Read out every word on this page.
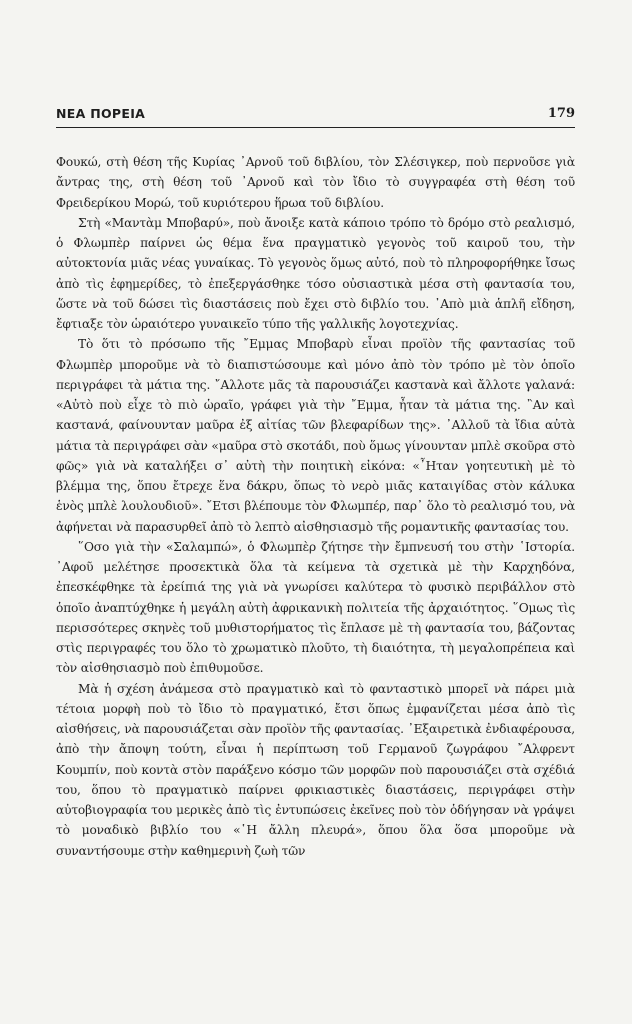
ΝΕΑ ΠΟΡΕΙΑ	179

Φουκώ, στὴ θέση τῆς Κυρίας ᾿Αρνοῦ τοῦ διβλίου, τὸν Σλέσιγκερ, ποὺ περνοῦσε γιὰ ἄντρας της, στὴ θέση τοῦ ᾿Αρνοῦ καὶ τὸν ἴδιο τὸ συγγραφέα στὴ θέση τοῦ Φρειδερίκου Μορώ, τοῦ κυριότερου ἥρωα τοῦ διβλίου.

Στὴ «Μαντὰμ Μποβαρύ», ποὺ ἄνοιξε κατὰ κάποιο τρόπο τὸ δρόμο στὸ ρεαλισμό, ὁ Φλωμπὲρ παίρνει ὡς θέμα ἕνα πραγματικὸ γεγονὸς τοῦ καιροῦ του, τὴν αὐτοκτονία μιᾶς νέας γυναίκας. Τὸ γεγονὸς ὅμως αὐτό, ποὺ τὸ πληροφορήθηκε ἴσως ἀπὸ τὶς ἐφημερίδες, τὸ ἐπεξεργάσθηκε τόσο οὐσιαστικὰ μέσα στὴ φαντασία του, ὥστε νὰ τοῦ δώσει τὶς διαστάσεις ποὺ ἔχει στὸ διβλίο του. ᾿Απὸ μιὰ ἁπλῆ εἴδηση, ἔφτιαξε τὸν ὡραιότερο γυναικεῖο τύπο τῆς γαλλικῆς λογοτεχνίας.

Τὸ ὅτι τὸ πρόσωπο τῆς ῎Εμμας Μποβαρὺ εἶναι προϊὸν τῆς φαντασίας τοῦ Φλωμπὲρ μποροῦμε νὰ τὸ διαπιστώσουμε καὶ μόνο ἀπὸ τὸν τρόπο μὲ τὸν ὁποῖο περιγράφει τὰ μάτια της. ῎Αλλοτε μᾶς τὰ παρουσιάζει καστανὰ καὶ ἄλλοτε γαλανά: «Αὐτὸ ποὺ εἶχε τὸ πιὸ ὡραῖο, γράφει γιὰ τὴν ῎Εμμα, ἦταν τὰ μάτια της. ῍Αν καὶ καστανά, φαίνουνταν μαῦρα ἐξ αἰτίας τῶν βλεφαρίδων της». ᾿Αλλοῦ τὰ ἴδια αὐτὰ μάτια τὰ περιγράφει σὰν «μαῦρα στὸ σκοτάδι, ποὺ ὅμως γίνουνταν μπλὲ σκοῦρα στὸ φῶς» γιὰ νὰ καταλήξει σ᾿ αὐτὴ τὴν ποιητικὴ εἰκόνα: «῏Ηταν γοητευτικὴ μὲ τὸ βλέμμα της, ὅπου ἔτρεχε ἕνα δάκρυ, ὅπως τὸ νερὸ μιᾶς καταιγίδας στὸν κάλυκα ἑνὸς μπλὲ λουλουδιοῦ». ῎Ετσι βλέπουμε τὸν Φλωμπέρ, παρ᾿ ὅλο τὸ ρεαλισμό του, νὰ ἀφήνεται νὰ παρασυρθεῖ ἀπὸ τὸ λεπτὸ αἰσθησιασμὸ τῆς ρομαντικῆς φαντασίας του.

῞Οσο γιὰ τὴν «Σαλαμπώ», ὁ Φλωμπὲρ ζήτησε τὴν ἔμπνευσή του στὴν ῾Ιστορία. ᾿Αφοῦ μελέτησε προσεκτικὰ ὅλα τὰ κείμενα τὰ σχετικὰ μὲ τὴν Καρχηδόνα, ἐπεσκέφθηκε τὰ ἐρείπιά της γιὰ νὰ γνωρίσει καλύτερα τὸ φυσικὸ περιβάλλον στὸ ὁποῖο ἀναπτύχθηκε ἡ μεγάλη αὐτὴ ἀφρικανικὴ πολιτεία τῆς ἀρχαιότητος. ῞Ομως τὶς περισσότερες σκηνὲς τοῦ μυθιστορήματος τὶς ἔπλασε μὲ τὴ φαντασία του, βάζοντας στὶς περιγραφές του ὅλο τὸ χρωματικὸ πλοῦτο, τὴ διαιότητα, τὴ μεγαλοπρέπεια καὶ τὸν αἰσθησιασμὸ ποὺ ἐπιθυμοῦσε.

Μὰ ἡ σχέση ἀνάμεσα στὸ πραγματικὸ καὶ τὸ φανταστικὸ μπορεῖ νὰ πάρει μιὰ τέτοια μορφὴ ποὺ τὸ ἴδιο τὸ πραγματικό, ἔτσι ὅπως ἐμφανίζεται μέσα ἀπὸ τὶς αἰσθήσεις, νὰ παρουσιάζεται σὰν προϊὸν τῆς φαντασίας. ᾿Εξαιρετικὰ ἐνδιαφέρουσα, ἀπὸ τὴν ἄποψη τούτη, εἶναι ἡ περίπτωση τοῦ Γερμανοῦ ζωγράφου ῎Αλφρεντ Κουμπίν, ποὺ κοντὰ στὸν παράξενο κόσμο τῶν μορφῶν ποὺ παρουσιάζει στὰ σχέδιά του, ὅπου τὸ πραγματικὸ παίρνει φρικιαστικὲς διαστάσεις, περιγράφει στὴν αὐτοβιογραφία του μερικὲς ἀπὸ τὶς ἐντυπώσεις ἐκεῖνες ποὺ τὸν ὁδήγησαν νὰ γράψει τὸ μοναδικὸ βιβλίο του «῾Η ἄλλη πλευρά», ὅπου ὅλα ὅσα μποροῦμε νὰ συναντήσουμε στὴν καθημερινὴ ζωὴ τῶν
